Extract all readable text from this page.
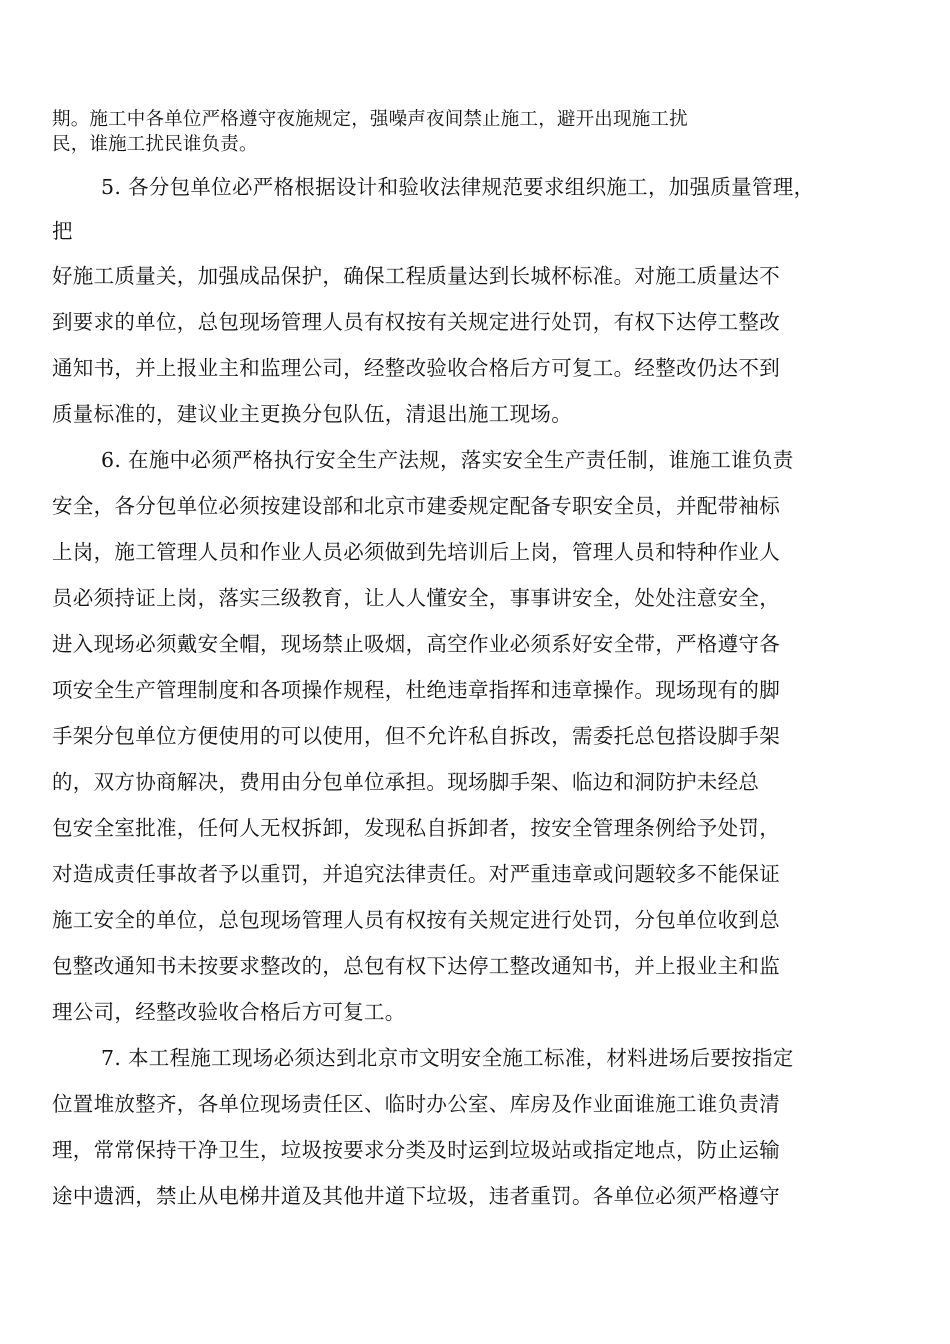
期。施工中各单位严格遵守夜施规定，强噪声夜间禁止施工，避开出现施工扰
民，谁施工扰民谁负责。
5. 各分包单位必严格根据设计和验收法律规范要求组织施工，加强质量管理，
把
好施工质量关，加强成品保护，确保工程质量达到长城杯标准。对施工质量达不
到要求的单位，总包现场管理人员有权按有关规定进行处罚，有权下达停工整改
通知书，并上报业主和监理公司，经整改验收合格后方可复工。经整改仍达不到
质量标准的，建议业主更换分包队伍，清退出施工现场。
6. 在施中必须严格执行安全生产法规，落实安全生产责任制，谁施工谁负责
安全，各分包单位必须按建设部和北京市建委规定配备专职安全员，并配带袖标
上岗，施工管理人员和作业人员必须做到先培训后上岗，管理人员和特种作业人
员必须持证上岗，落实三级教育，让人人懂安全，事事讲安全，处处注意安全，
进入现场必须戴安全帽，现场禁止吸烟，高空作业必须系好安全带，严格遵守各
项安全生产管理制度和各项操作规程，杜绝违章指挥和违章操作。现场现有的脚
手架分包单位方便使用的可以使用，但不允许私自拆改，需委托总包搭设脚手架
的，双方协商解决，费用由分包单位承担。现场脚手架、临边和洞防护未经总
包安全室批准，任何人无权拆卸，发现私自拆卸者，按安全管理条例给予处罚，
对造成责任事故者予以重罚，并追究法律责任。对严重违章或问题较多不能保证
施工安全的单位，总包现场管理人员有权按有关规定进行处罚，分包单位收到总
包整改通知书未按要求整改的，总包有权下达停工整改通知书，并上报业主和监
理公司，经整改验收合格后方可复工。
7. 本工程施工现场必须达到北京市文明安全施工标准，材料进场后要按指定
位置堆放整齐，各单位现场责任区、临时办公室、库房及作业面谁施工谁负责清
理，常常保持干净卫生，垃圾按要求分类及时运到垃圾站或指定地点，防止运输
途中遗洒，禁止从电梯井道及其他井道下垃圾，违者重罚。各单位必须严格遵守
